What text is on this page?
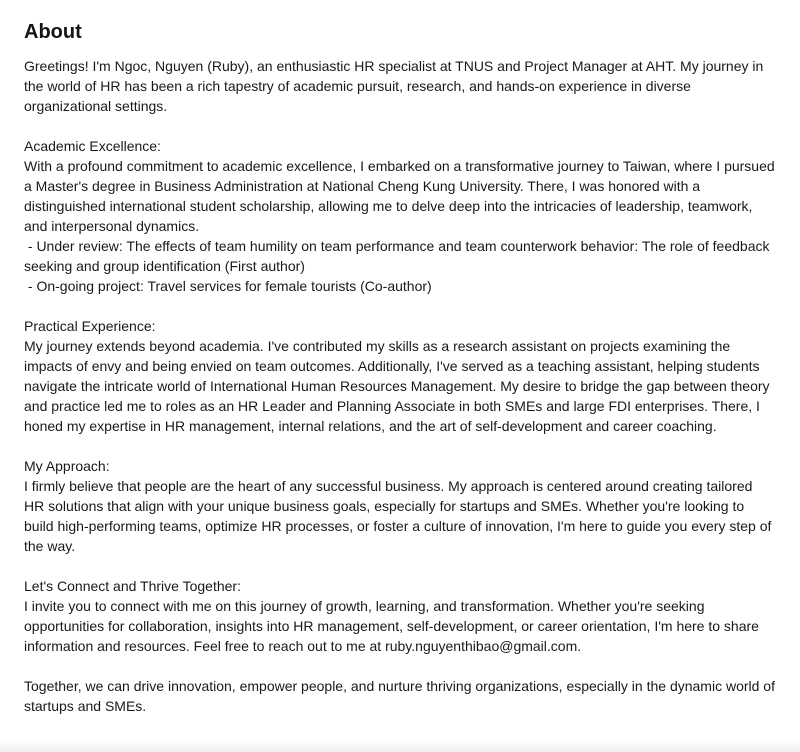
About

Greetings! I'm Ngoc, Nguyen (Ruby), an enthusiastic HR specialist at TNUS and Project Manager at AHT. My journey in the world of HR has been a rich tapestry of academic pursuit, research, and hands-on experience in diverse organizational settings.

Academic Excellence:
With a profound commitment to academic excellence, I embarked on a transformative journey to Taiwan, where I pursued a Master's degree in Business Administration at National Cheng Kung University. There, I was honored with a distinguished international student scholarship, allowing me to delve deep into the intricacies of leadership, teamwork, and interpersonal dynamics.
- Under review: The effects of team humility on team performance and team counterwork behavior: The role of feedback seeking and group identification (First author)
- On-going project: Travel services for female tourists (Co-author)

Practical Experience:
My journey extends beyond academia. I've contributed my skills as a research assistant on projects examining the impacts of envy and being envied on team outcomes. Additionally, I've served as a teaching assistant, helping students navigate the intricate world of International Human Resources Management. My desire to bridge the gap between theory and practice led me to roles as an HR Leader and Planning Associate in both SMEs and large FDI enterprises. There, I honed my expertise in HR management, internal relations, and the art of self-development and career coaching.

My Approach:
I firmly believe that people are the heart of any successful business. My approach is centered around creating tailored HR solutions that align with your unique business goals, especially for startups and SMEs. Whether you're looking to build high-performing teams, optimize HR processes, or foster a culture of innovation, I'm here to guide you every step of the way.

Let's Connect and Thrive Together:
I invite you to connect with me on this journey of growth, learning, and transformation. Whether you're seeking opportunities for collaboration, insights into HR management, self-development, or career orientation, I'm here to share information and resources. Feel free to reach out to me at ruby.nguyenthibao@gmail.com.

Together, we can drive innovation, empower people, and nurture thriving organizations, especially in the dynamic world of startups and SMEs.
